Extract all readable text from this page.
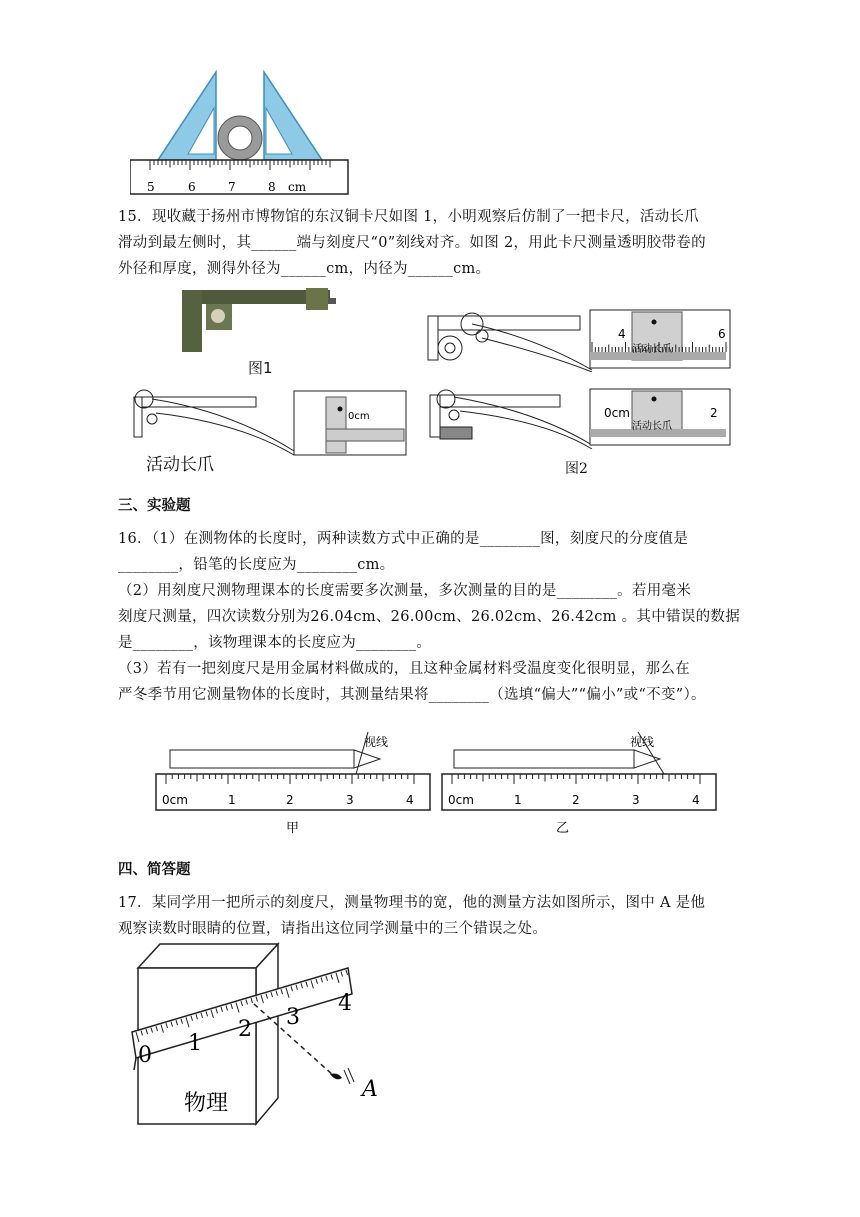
5	6	7	8 cm
15．现收藏于扬州市博物馆的东汉铜卡尺如图 1，小明观察后仿制了一把卡尺，活动长爪
滑动到最左侧时，其______端与刻度尺“0”刻线对齐。如图 2，用此卡尺测量透明胶带卷的
外径和厚度，测得外径为______cm，内径为______cm。
图1
4	6
活动长爪
0cm
活动长爪
0cm	2
活动长爪
图2
三、实验题
16．（1）在测物体的长度时，两种读数方式中正确的是________图，刻度尺的分度值是
________，铅笔的长度应为________cm。
（2）用刻度尺测物理课本的长度需要多次测量，多次测量的目的是________。若用毫米
刻度尺测量，四次读数分别为26.04cm、26.00cm、26.02cm、26.42cm 。其中错误的数据
是________，该物理课本的长度应为________。
（3）若有一把刻度尺是用金属材料做成的，且这种金属材料受温度变化很明显，那么在
严冬季节用它测量物体的长度时，其测量结果将________（选填“偏大”“偏小”或“不变”）。
视线
0cm	1	2	3	4
甲
视线
0cm	1	2	3	4
乙
四、简答题
17．某同学用一把所示的刻度尺，测量物理书的宽，他的测量方法如图所示，图中 A 是他
观察读数时眼睛的位置，请指出这位同学测量中的三个错误之处。
0 1
2 3
4
物理
A
